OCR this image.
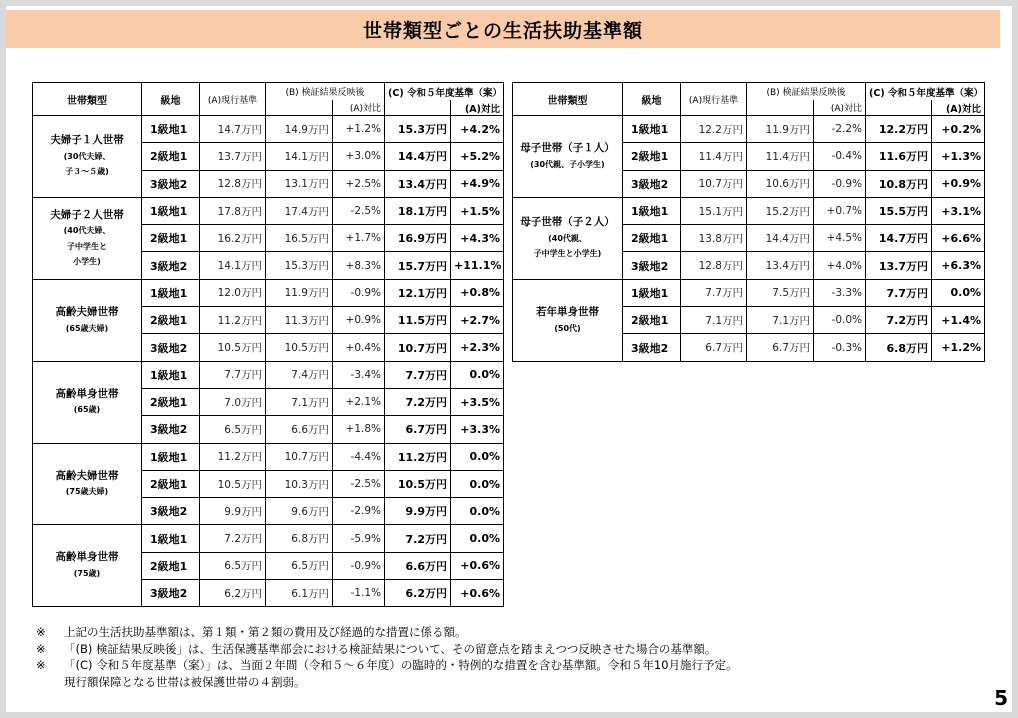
世帯類型ごとの生活扶助基準額
世帯類型	級地	(A)現行基準	(B) 検証結果反映後		(C) 令和５年度基準（案）	
				(A)対比		(A)対比
夫婦子１人世帯
(30代夫婦、
子３～５歳)	1級地1	14.7万円	14.9万円	+1.2%	15.3万円	+4.2%
	2級地1	13.7万円	14.1万円	+3.0%	14.4万円	+5.2%
	3級地2	12.8万円	13.1万円	+2.5%	13.4万円	+4.9%
夫婦子２人世帯
(40代夫婦、
子中学生と
小学生)	1級地1	17.8万円	17.4万円	-2.5%	18.1万円	+1.5%
	2級地1	16.2万円	16.5万円	+1.7%	16.9万円	+4.3%
	3級地2	14.1万円	15.3万円	+8.3%	15.7万円	+11.1%
高齢夫婦世帯
(65歳夫婦)	1級地1	12.0万円	11.9万円	-0.9%	12.1万円	+0.8%
	2級地1	11.2万円	11.3万円	+0.9%	11.5万円	+2.7%
	3級地2	10.5万円	10.5万円	+0.4%	10.7万円	+2.3%
高齢単身世帯
(65歳)	1級地1	7.7万円	7.4万円	-3.4%	7.7万円	0.0%
	2級地1	7.0万円	7.1万円	+2.1%	7.2万円	+3.5%
	3級地2	6.5万円	6.6万円	+1.8%	6.7万円	+3.3%
高齢夫婦世帯
(75歳夫婦)	1級地1	11.2万円	10.7万円	-4.4%	11.2万円	0.0%
	2級地1	10.5万円	10.3万円	-2.5%	10.5万円	0.0%
	3級地2	9.9万円	9.6万円	-2.9%	9.9万円	0.0%
高齢単身世帯
(75歳)	1級地1	7.2万円	6.8万円	-5.9%	7.2万円	0.0%
	2級地1	6.5万円	6.5万円	-0.9%	6.6万円	+0.6%
	3級地2	6.2万円	6.1万円	-1.1%	6.2万円	+0.6%
世帯類型	級地	(A)現行基準	(B) 検証結果反映後		(C) 令和５年度基準（案）	
				(A)対比		(A)対比
母子世帯（子１人）
(30代親、子小学生)	1級地1	12.2万円	11.9万円	-2.2%	12.2万円	+0.2%
	2級地1	11.4万円	11.4万円	-0.4%	11.6万円	+1.3%
	3級地2	10.7万円	10.6万円	-0.9%	10.8万円	+0.9%
母子世帯（子２人）
(40代親、
子中学生と小学生)	1級地1	15.1万円	15.2万円	+0.7%	15.5万円	+3.1%
	2級地1	13.8万円	14.4万円	+4.5%	14.7万円	+6.6%
	3級地2	12.8万円	13.4万円	+4.0%	13.7万円	+6.3%
若年単身世帯
(50代)	1級地1	7.7万円	7.5万円	-3.3%	7.7万円	0.0%
	2級地1	7.1万円	7.1万円	-0.0%	7.2万円	+1.4%
	3級地2	6.7万円	6.7万円	-0.3%	6.8万円	+1.2%
※	上記の生活扶助基準額は、第１類・第２類の費用及び経過的な措置に係る額。
※	「(B) 検証結果反映後」は、生活保護基準部会における検証結果について、その留意点を踏まえつつ反映させた場合の基準額。
※	「(C) 令和５年度基準（案）」は、当面２年間（令和５～６年度）の臨時的・特例的な措置を含む基準額。令和５年10月施行予定。
現行額保障となる世帯は被保護世帯の４割弱。
5
